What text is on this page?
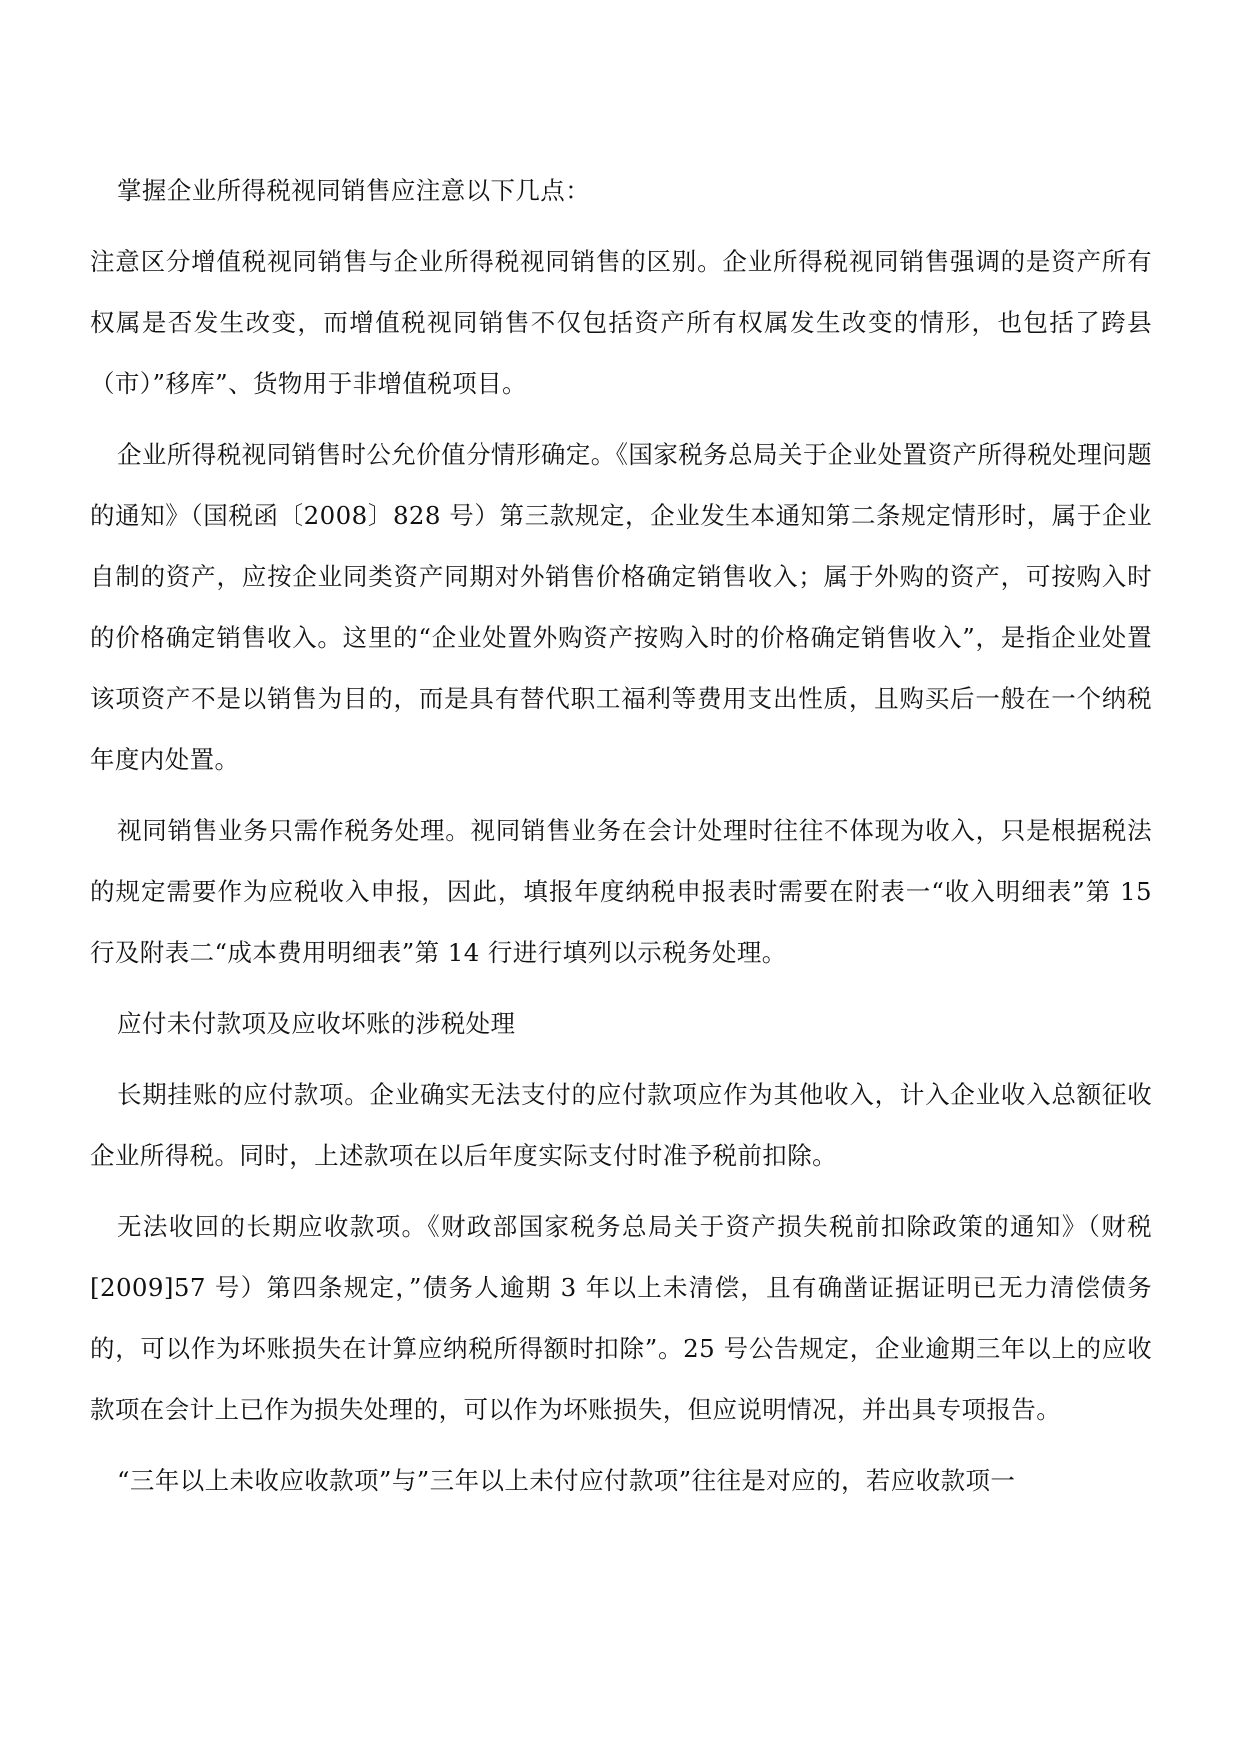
掌握企业所得税视同销售应注意以下几点：

注意区分增值税视同销售与企业所得税视同销售的区别。企业所得税视同销售强调的是资产所有权属是否发生改变，而增值税视同销售不仅包括资产所有权属发生改变的情形，也包括了跨县（市）”移库”、货物用于非增值税项目。

企业所得税视同销售时公允价值分情形确定。《国家税务总局关于企业处置资产所得税处理问题的通知》（国税函〔2008〕828 号）第三款规定，企业发生本通知第二条规定情形时，属于企业自制的资产，应按企业同类资产同期对外销售价格确定销售收入；属于外购的资产，可按购入时的价格确定销售收入。这里的“企业处置外购资产按购入时的价格确定销售收入”，是指企业处置该项资产不是以销售为目的，而是具有替代职工福利等费用支出性质，且购买后一般在一个纳税年度内处置。

视同销售业务只需作税务处理。视同销售业务在会计处理时往往不体现为收入，只是根据税法的规定需要作为应税收入申报，因此，填报年度纳税申报表时需要在附表一“收入明细表”第 15 行及附表二“成本费用明细表”第 14 行进行填列以示税务处理。

应付未付款项及应收坏账的涉税处理

长期挂账的应付款项。企业确实无法支付的应付款项应作为其他收入，计入企业收入总额征收企业所得税。同时，上述款项在以后年度实际支付时准予税前扣除。

无法收回的长期应收款项。《财政部国家税务总局关于资产损失税前扣除政策的通知》（财税[2009]57 号）第四条规定，”债务人逾期 3 年以上未清偿，且有确凿证据证明已无力清偿债务的，可以作为坏账损失在计算应纳税所得额时扣除”。25 号公告规定，企业逾期三年以上的应收款项在会计上已作为损失处理的，可以作为坏账损失，但应说明情况，并出具专项报告。

“三年以上未收应收款项”与”三年以上未付应付款项”往往是对应的，若应收款项一
